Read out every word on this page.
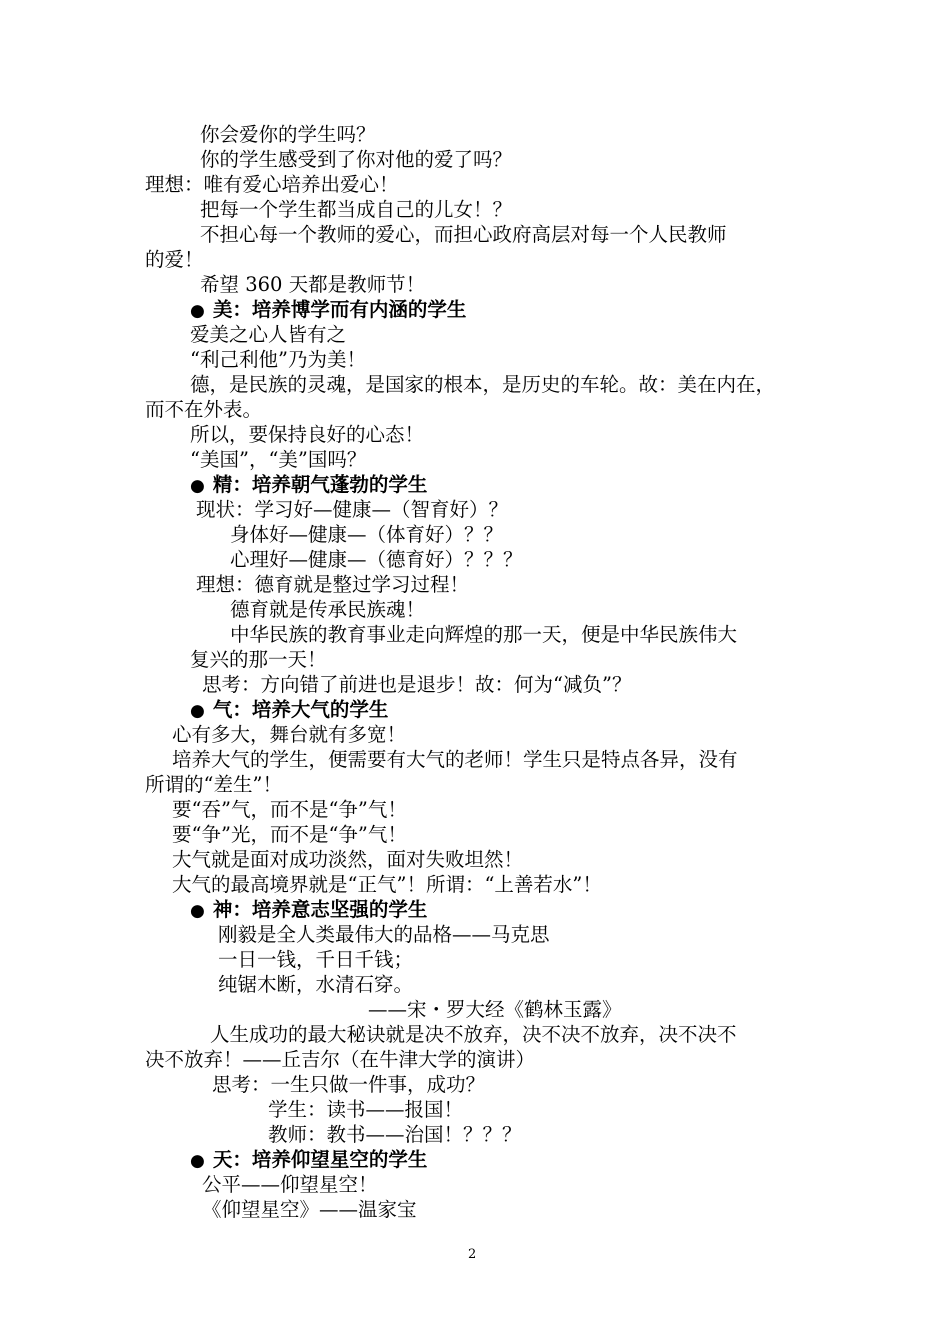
你会爱你的学生吗？
你的学生感受到了你对他的爱了吗？
理想：唯有爱心培养出爱心！
把每一个学生都当成自己的儿女！？
不担心每一个教师的爱心，而担心政府高层对每一个人民教师
的爱！
希望 360 天都是教师节！
● 美：培养博学而有内涵的学生
爱美之心人皆有之
“利己利他”乃为美！
德，是民族的灵魂，是国家的根本，是历史的车轮。故：美在内在，
而不在外表。
所以，要保持良好的心态！
“美国”，“美”国吗？
● 精：培养朝气蓬勃的学生
现状：学习好—健康—（智育好）？
身体好—健康—（体育好）？？
心理好—健康—（德育好）？？？
理想：德育就是整过学习过程！
德育就是传承民族魂！
中华民族的教育事业走向辉煌的那一天，便是中华民族伟大
复兴的那一天！
思考：方向错了前进也是退步！故：何为“减负”？
● 气：培养大气的学生
心有多大，舞台就有多宽！
培养大气的学生，便需要有大气的老师！学生只是特点各异，没有
所谓的“差生”！
要“吞”气，而不是“争”气！
要“争”光，而不是“争”气！
大气就是面对成功淡然，面对失败坦然！
大气的最高境界就是“正气”！所谓：“上善若水”！
● 神：培养意志坚强的学生
刚毅是全人类最伟大的品格——马克思
一日一钱，千日千钱；
纯锯木断，水清石穿。
——宋・罗大经《鹤林玉露》
人生成功的最大秘诀就是决不放弃，决不决不放弃，决不决不
决不放弃！——丘吉尔（在牛津大学的演讲）
思考：一生只做一件事，成功？
学生：读书——报国！
教师：教书——治国！？？？
● 天：培养仰望星空的学生
公平——仰望星空！
《仰望星空》——温家宝
2
